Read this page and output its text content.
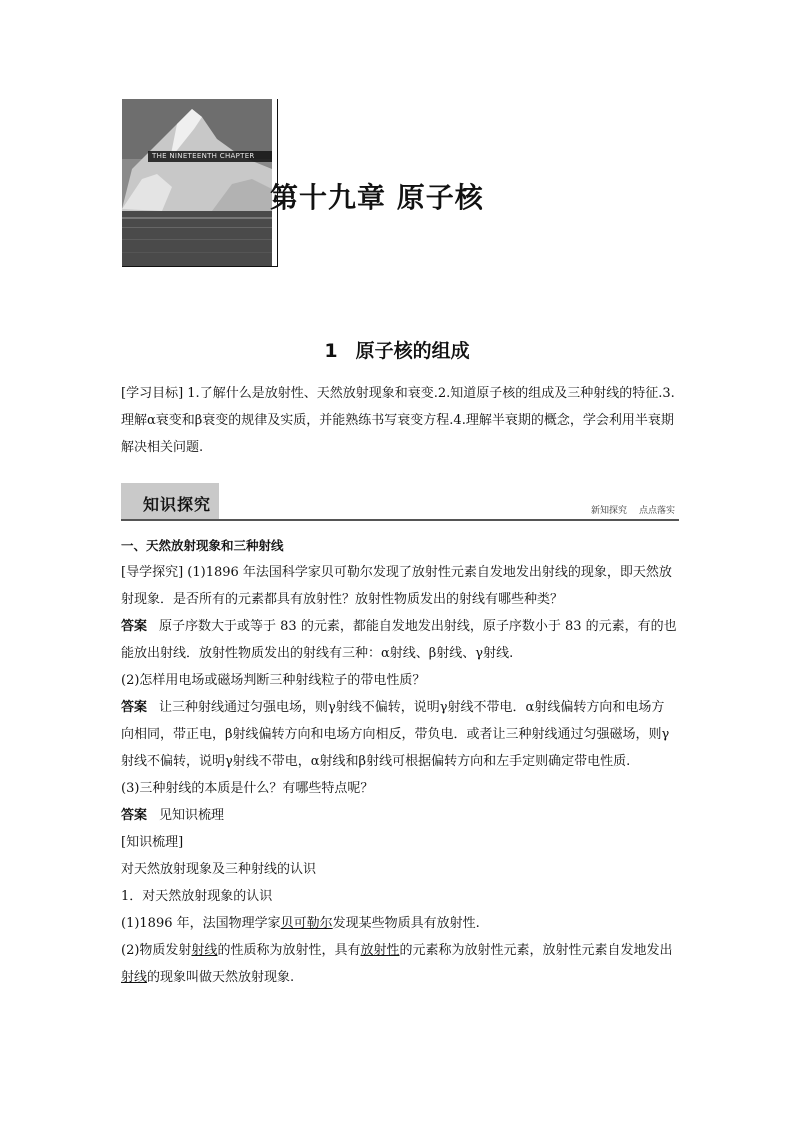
THE NINETEENTH CHAPTER
第十九章 原子核
1 原子核的组成
[学习目标] 1.了解什么是放射性、天然放射现象和衰变.2.知道原子核的组成及三种射线的特征.3.理解α衰变和β衰变的规律及实质，并能熟练书写衰变方程.4.理解半衰期的概念，学会利用半衰期解决相关问题.
知识探究	新知探究 点点落实

一、天然放射现象和三种射线

[导学探究] (1)1896 年法国科学家贝可勒尔发现了放射性元素自发地发出射线的现象，即天然放射现象．是否所有的元素都具有放射性？放射性物质发出的射线有哪些种类？

答案 原子序数大于或等于 83 的元素，都能自发地发出射线，原子序数小于 83 的元素，有的也能放出射线．放射性物质发出的射线有三种：α射线、β射线、γ射线.

(2)怎样用电场或磁场判断三种射线粒子的带电性质？

答案 让三种射线通过匀强电场，则γ射线不偏转，说明γ射线不带电．α射线偏转方向和电场方向相同，带正电，β射线偏转方向和电场方向相反，带负电．或者让三种射线通过匀强磁场，则γ射线不偏转，说明γ射线不带电，α射线和β射线可根据偏转方向和左手定则确定带电性质.

(3)三种射线的本质是什么？有哪些特点呢？

答案 见知识梳理

[知识梳理]

对天然放射现象及三种射线的认识

1．对天然放射现象的认识

(1)1896 年，法国物理学家贝可勒尔发现某些物质具有放射性.

(2)物质发射射线的性质称为放射性，具有放射性的元素称为放射性元素，放射性元素自发地发出射线的现象叫做天然放射现象.
